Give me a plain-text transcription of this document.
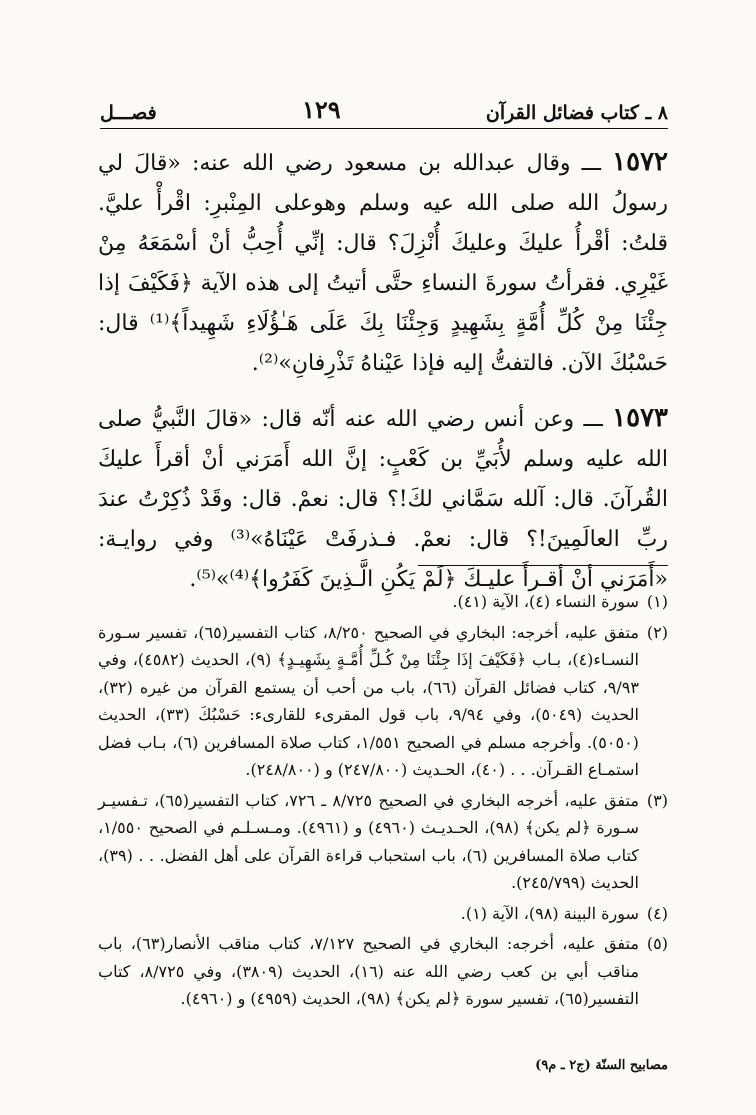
٨ ـ كتاب فضائل القرآن
١٢٩
فصـــل

١٥٧٢ ـــ وقال عبدالله بن مسعود رضي الله عنه: «قالَ لي رسولُ الله صلى الله عيه وسلم وهوعلى المِنْبرِ: اقْرأْ عليَّ. قلتُ: أقْرأُ عليكَ وعليكَ أُنْزِلَ؟ قال: إنِّي أُحِبُّ أنْ أسْمَعَهُ مِنْ غَيْرِي. فقرأتُ سورةَ النساءِ حتَّى أتيتُ إلى هذه الآية ﴿فَكَيْفَ إذا جِئْنَا مِنْ كُلِّ أُمَّةٍ بِشَهِيدٍ وَجِئْنَا بِكَ عَلَى هَـٰؤُلَاءِ شَهِيداً﴾⁽¹⁾ قال: حَسْبُكَ الآن. فالتفتُّ إليه فإذا عَيْناهُ تَذْرِفانِ»⁽²⁾.

١٥٧٣ ـــ وعن أنس رضي الله عنه أنّه قال: «قالَ النَّبيُّ صلى الله عليه وسلم لأُبَيِّ بن كَعْبٍ: إنَّ الله أَمَرَني أنْ أقرأَ عليكَ القُرآنَ. قال: آلله سَمَّاني لكَ!؟ قال: نعمْ. قال: وقَدْ ذُكِرْتُ عندَ ربِّ العالَمِينَ!؟ قال: نعمْ. فـذرفَتْ عَيْنَاهُ»⁽³⁾ وفي روايـة: «أَمَرَني أنْ أقـرأَ عليـكَ ﴿لَمْ يَكُنِ الَّـذِينَ كَفَرُوا﴾⁽⁴⁾»⁽⁵⁾.

(١)
سورة النساء (٤)، الآية (٤١).
(٢)
متفق عليه، أخرجه: البخاري في الصحيح ٨/٢٥٠، كتاب التفسير(٦٥)، تفسير سـورة النسـاء(٤)، بـاب ﴿فَكَيْفَ إذَا جِئْنَا مِنْ كُـلِّ أُمَّـةٍ بِشَهِيـدٍ﴾ (٩)، الحديث (٤٥٨٢)، وفي ٩/٩٣، كتاب فضائل القرآن (٦٦)، باب من أحب أن يستمع القرآن من غيره (٣٢)، الحديث (٥٠٤٩)، وفي ٩/٩٤، باب قول المقرىء للقارىء: حَسْبُكَ (٣٣)، الحديث (٥٠٥٠). وأخرجه مسلم في الصحيح ١/٥٥١، كتاب صلاة المسافرين (٦)، بـاب فضل استمـاع القـرآن. . . (٤٠)، الحـديث (٢٤٧/٨٠٠) و (٢٤٨/٨٠٠).
(٣)
متفق عليه، أخرجه البخاري في الصحيح ٨/٧٢٥ ـ ٧٢٦، كتاب التفسير(٦٥)، تـفسيـر سـورة ﴿لم يكن﴾ (٩٨)، الحـديـث (٤٩٦٠) و (٤٩٦١). ومـسـلـم في الصحيح ١/٥٥٠، كتاب صلاة المسافرين (٦)، باب استحباب قراءة القرآن على أهل الفضل. . . (٣٩)، الحديث (٢٤٥/٧٩٩).
(٤)
سورة البينة (٩٨)، الآية (١).
(٥)
متفق عليه، أخرجه: البخاري في الصحيح ٧/١٢٧، كتاب مناقب الأنصار(٦٣)، باب مناقب أبي بن كعب رضي الله عنه (١٦)، الحديث (٣٨٠٩)، وفي ٨/٧٢٥، كتاب التفسير(٦٥)، تفسير سورة ﴿لم يكن﴾ (٩٨)، الحديث (٤٩٥٩) و (٤٩٦٠).
مصابيح السنّة (ج٢ ـ م٩)
